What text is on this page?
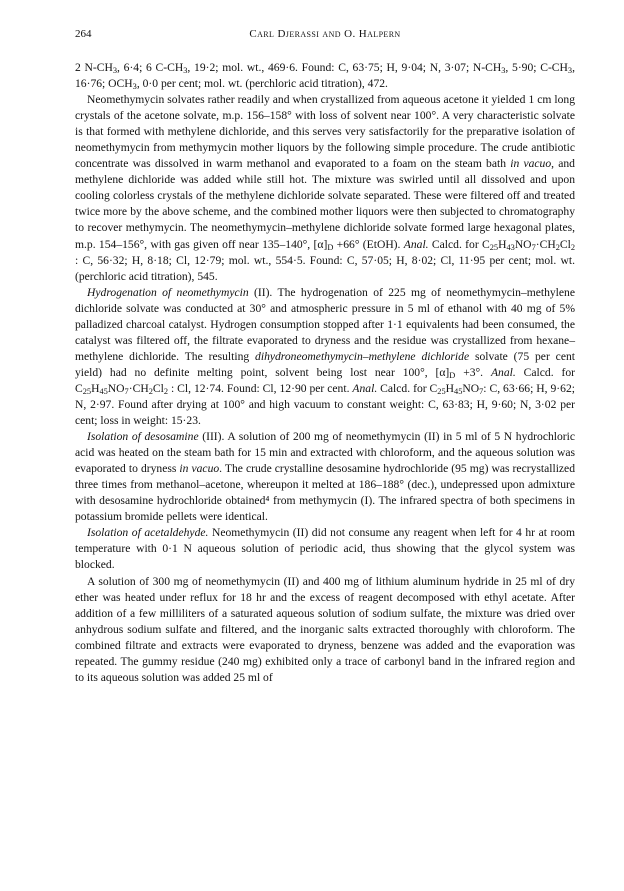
264	Carl Djerassi and O. Halpern

2 $N-CH_3$, 6·4; 6 $C-CH_3$, 19·2; mol. wt., 469·6. Found: C, 63·75; H, 9·04; N, 3·07; $N-CH_3$, 5·90; $C-CH_3$, 16·76; $OCH_3$, 0·0 per cent; mol. wt. (perchloric acid titration), 472.

Neomethymycin solvates rather readily and when crystallized from aqueous acetone it yielded 1 cm long crystals of the acetone solvate, m.p. 156–158° with loss of solvent near 100°. A very characteristic solvate is that formed with methylene dichloride, and this serves very satisfactorily for the preparative isolation of neomethymycin from methymycin mother liquors by the following simple procedure. The crude antibiotic concentrate was dissolved in warm methanol and evaporated to a foam on the steam bath in vacuo, and methylene dichloride was added while still hot. The mixture was swirled until all dissolved and upon cooling colorless crystals of the methylene dichloride solvate separated. These were filtered off and treated twice more by the above scheme, and the combined mother liquors were then subjected to chromatography to recover methymycin. The neomethymycin–methylene dichloride solvate formed large hexagonal plates, m.p. 154–156°, with gas given off near 135–140°, $[\alpha]_D +66^\circ$ (EtOH). Anal. Calcd. for $C_{25}H_{43}NO_7\cdot CH_2Cl_2$ : C, 56·32; H, 8·18; Cl, 12·79; mol. wt., 554·5. Found: C, 57·05; H, 8·02; Cl, 11·95 per cent; mol. wt. (perchloric acid titration), 545.

Hydrogenation of neomethymycin (II). The hydrogenation of 225 mg of neomethymycin–methylene dichloride solvate was conducted at 30° and atmospheric pressure in 5 ml of ethanol with 40 mg of 5% palladized charcoal catalyst. Hydrogen consumption stopped after 1·1 equivalents had been consumed, the catalyst was filtered off, the filtrate evaporated to dryness and the residue was crystallized from hexane–methylene dichloride. The resulting dihydroneomethymycin–methylene dichloride solvate (75 per cent yield) had no definite melting point, solvent being lost near 100°, $[\alpha]_D +3^\circ$. Anal. Calcd. for $C_{25}H_{45}NO_7\cdot CH_2Cl_2$ : Cl, 12·74. Found: Cl, 12·90 per cent. Anal. Calcd. for $C_{25}H_{45}NO_7$: C, 63·66; H, 9·62; N, 2·97. Found after drying at 100° and high vacuum to constant weight: C, 63·83; H, 9·60; N, 3·02 per cent; loss in weight: 15·23.

Isolation of desosamine (III). A solution of 200 mg of neomethymycin (II) in 5 ml of 5 N hydrochloric acid was heated on the steam bath for 15 min and extracted with chloroform, and the aqueous solution was evaporated to dryness in vacuo. The crude crystalline desosamine hydrochloride (95 mg) was recrystallized three times from methanol–acetone, whereupon it melted at 186–188° (dec.), undepressed upon admixture with desosamine hydrochloride obtained⁴ from methymycin (I). The infrared spectra of both specimens in potassium bromide pellets were identical.

Isolation of acetaldehyde. Neomethymycin (II) did not consume any reagent when left for 4 hr at room temperature with 0·1 N aqueous solution of periodic acid, thus showing that the glycol system was blocked.

A solution of 300 mg of neomethymycin (II) and 400 mg of lithium aluminum hydride in 25 ml of dry ether was heated under reflux for 18 hr and the excess of reagent decomposed with ethyl acetate. After addition of a few milliliters of a saturated aqueous solution of sodium sulfate, the mixture was dried over anhydrous sodium sulfate and filtered, and the inorganic salts extracted thoroughly with chloroform. The combined filtrate and extracts were evaporated to dryness, benzene was added and the evaporation was repeated. The gummy residue (240 mg) exhibited only a trace of carbonyl band in the infrared region and to its aqueous solution was added 25 ml of
